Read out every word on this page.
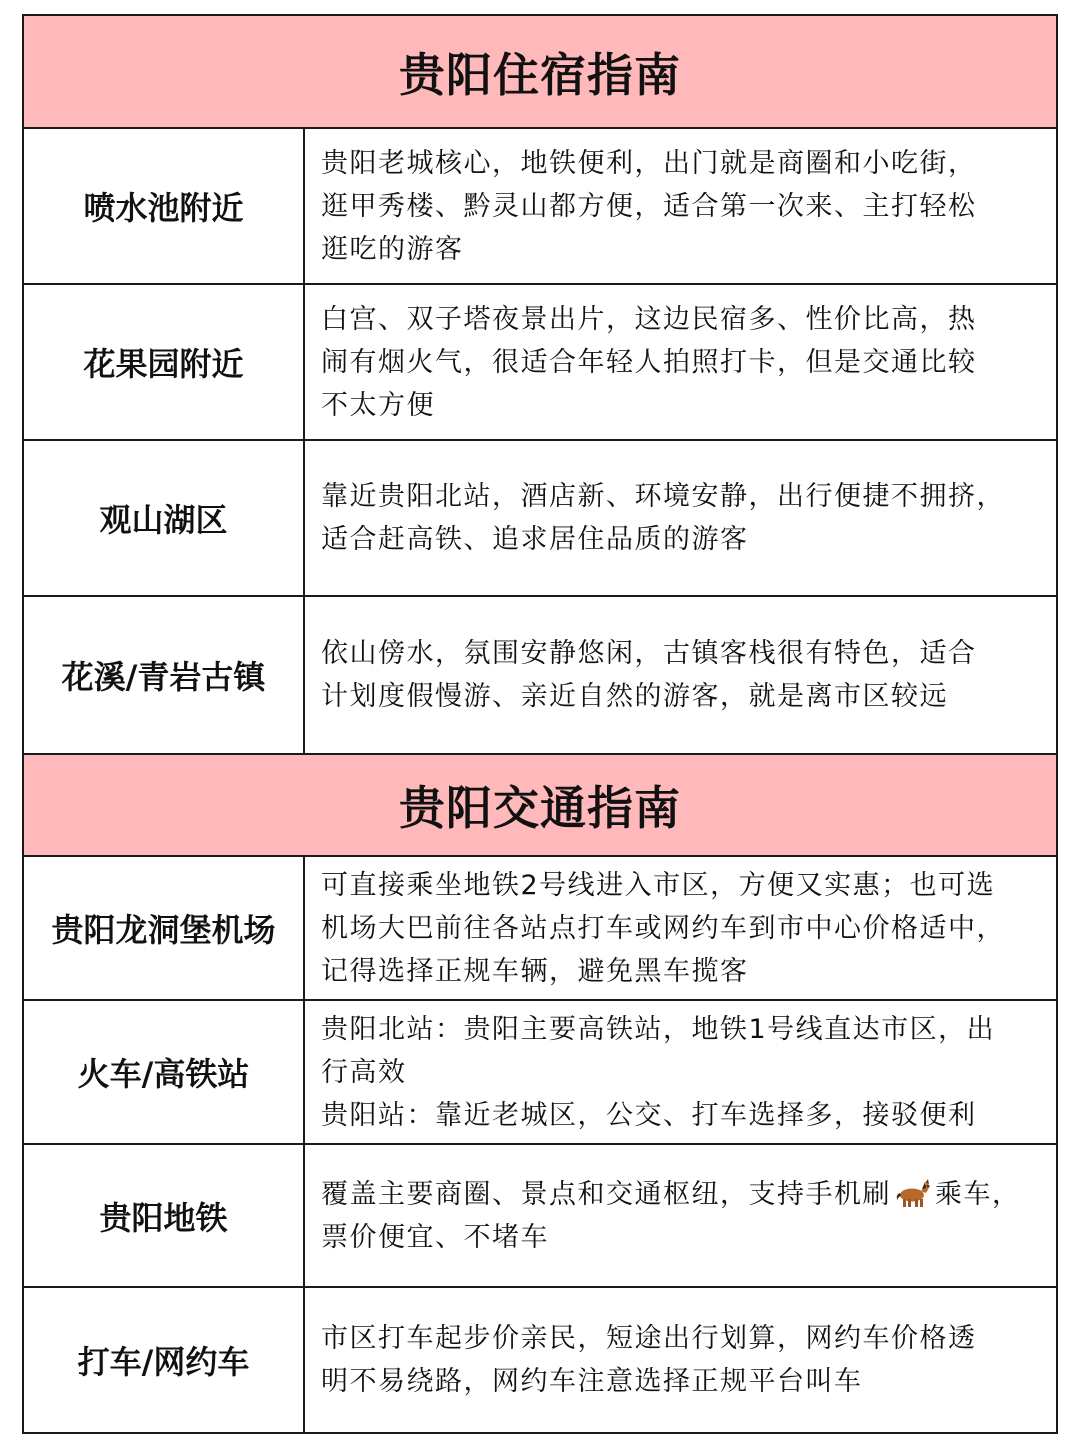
贵阳住宿指南
喷水池附近
贵阳老城核心，地铁便利，出门就是商圈和小吃街，
逛甲秀楼、黔灵山都方便，适合第一次来、主打轻松
逛吃的游客
花果园附近
白宫、双子塔夜景出片，这边民宿多、性价比高，热
闹有烟火气，很适合年轻人拍照打卡，但是交通比较
不太方便
观山湖区
靠近贵阳北站，酒店新、环境安静，出行便捷不拥挤，
适合赶高铁、追求居住品质的游客
花溪/青岩古镇
依山傍水，氛围安静悠闲，古镇客栈很有特色，适合
计划度假慢游、亲近自然的游客，就是离市区较远
贵阳交通指南
贵阳龙洞堡机场
可直接乘坐地铁2号线进入市区，方便又实惠；也可选
机场大巴前往各站点打车或网约车到市中心价格适中，
记得选择正规车辆，避免黑车揽客
火车/高铁站
贵阳北站：贵阳主要高铁站，地铁1号线直达市区，出
行高效
贵阳站：靠近老城区，公交、打车选择多，接驳便利
贵阳地铁
覆盖主要商圈、景点和交通枢纽，支持手机刷 乘车，
票价便宜、不堵车
打车/网约车
市区打车起步价亲民，短途出行划算，网约车价格透
明不易绕路，网约车注意选择正规平台叫车
